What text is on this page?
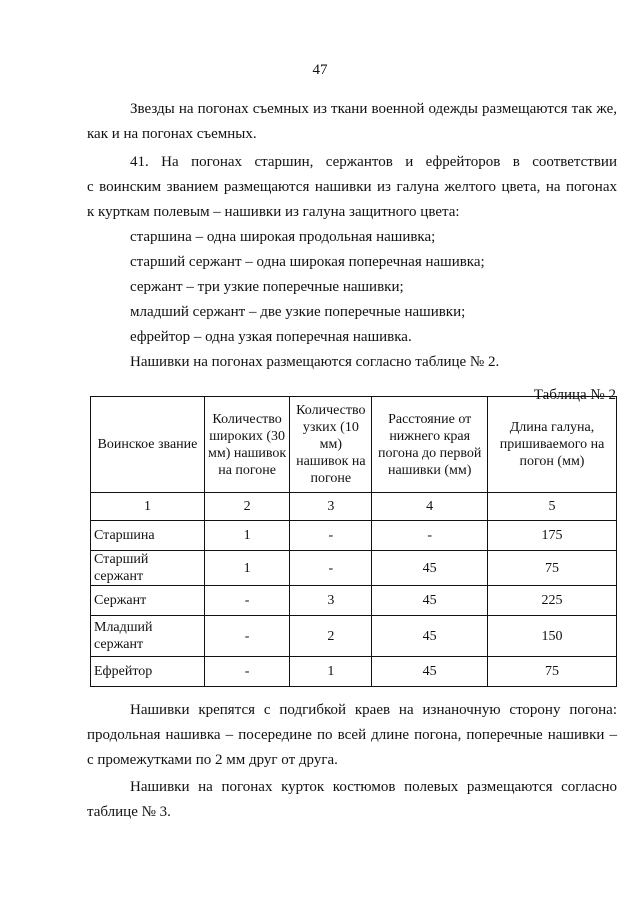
47

Звезды на погонах съемных из ткани военной одежды размещаются так же,

как и на погонах съемных.

41. На погонах старшин, сержантов и ефрейторов в соответствии

с воинским званием размещаются нашивки из галуна желтого цвета, на погонах

к курткам полевым – нашивки из галуна защитного цвета:

старшина – одна широкая продольная нашивка;

старший сержант – одна широкая поперечная нашивка;

сержант – три узкие поперечные нашивки;

младший сержант – две узкие поперечные нашивки;

ефрейтор – одна узкая поперечная нашивка.

Нашивки на погонах размещаются согласно таблице № 2.

Таблица № 2
Воинское звание	Количество широких (30 мм) нашивок на погоне	Количество узких (10 мм) нашивок на погоне	Расстояние от нижнего края погона до первой нашивки (мм)	Длина галуна, пришиваемого на погон (мм)
1	2	3	4	5
Старшина	1	-	-	175
Старший сержант	1	-	45	75
Сержант	-	3	45	225
Младший сержант	-	2	45	150
Ефрейтор	-	1	45	75

Нашивки крепятся с подгибкой краев на изнаночную сторону погона:

продольная нашивка – посередине по всей длине погона, поперечные нашивки –

с промежутками по 2 мм друг от друга.

Нашивки на погонах курток костюмов полевых размещаются согласно

таблице № 3.
